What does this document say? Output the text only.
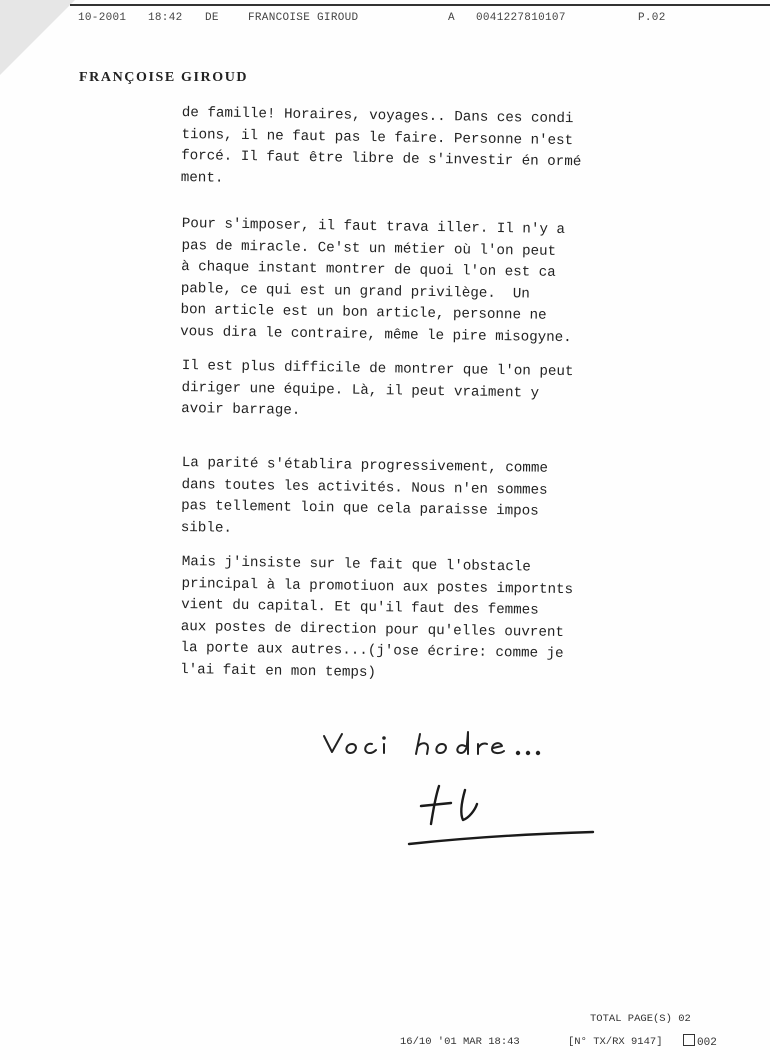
10-2001 18:42 DE	FRANCOISE GIROUD	A 0041227810107	P.02
FRANÇOISE GIROUD

de famille! Horaires, voyages.. Dans ces condi
tions, il ne faut pas le faire. Personne n'est
forcé. Il faut être libre de s'investir én ormé
ment.

Pour s'imposer, il faut trava iller. Il n'y a
pas de miracle. Ce'st un métier où l'on peut
à chaque instant montrer de quoi l'on est ca
pable, ce qui est un grand privilège.  Un
bon article est un bon article, personne ne
vous dira le contraire, même le pire misogyne.

Il est plus difficile de montrer que l'on peut
diriger une équipe. Là, il peut vraiment y
avoir barrage.

La parité s'établira progressivement, comme
dans toutes les activités. Nous n'en sommes
pas tellement loin que cela paraisse impos
sible.

Mais j'insiste sur le fait que l'obstacle
principal à la promotiuon aux postes importnts
vient du capital. Et qu'il faut des femmes
aux postes de direction pour qu'elles ouvrent
la porte aux autres...(j'ose écrire: comme je
l'ai fait en mon temps)

TOTAL PAGE(S) 02
16/10 '01 MAR 18:43	[N° TX/RX 9147]	002
